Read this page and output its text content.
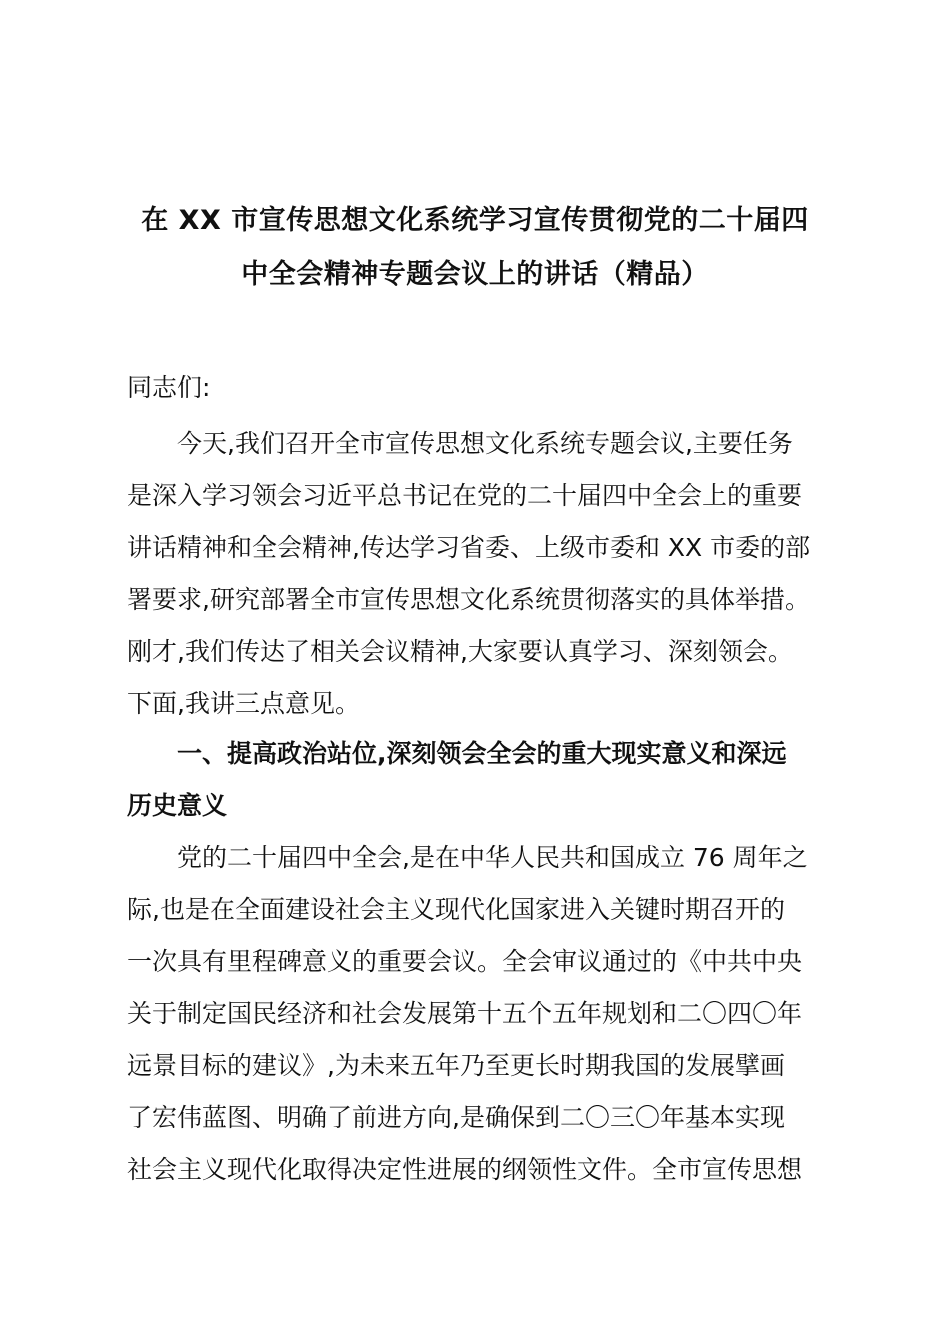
在 XX 市宣传思想文化系统学习宣传贯彻党的二十届四
中全会精神专题会议上的讲话（精品）
同志们:
今天,我们召开全市宣传思想文化系统专题会议,主要任务
是深入学习领会习近平总书记在党的二十届四中全会上的重要
讲话精神和全会精神,传达学习省委、上级市委和 XX 市委的部
署要求,研究部署全市宣传思想文化系统贯彻落实的具体举措。
刚才,我们传达了相关会议精神,大家要认真学习、深刻领会。
下面,我讲三点意见。
一、提高政治站位,深刻领会全会的重大现实意义和深远
历史意义
党的二十届四中全会,是在中华人民共和国成立 76 周年之
际,也是在全面建设社会主义现代化国家进入关键时期召开的
一次具有里程碑意义的重要会议。全会审议通过的《中共中央
关于制定国民经济和社会发展第十五个五年规划和二〇四〇年
远景目标的建议》,为未来五年乃至更长时期我国的发展擘画
了宏伟蓝图、明确了前进方向,是确保到二〇三〇年基本实现
社会主义现代化取得决定性进展的纲领性文件。全市宣传思想
